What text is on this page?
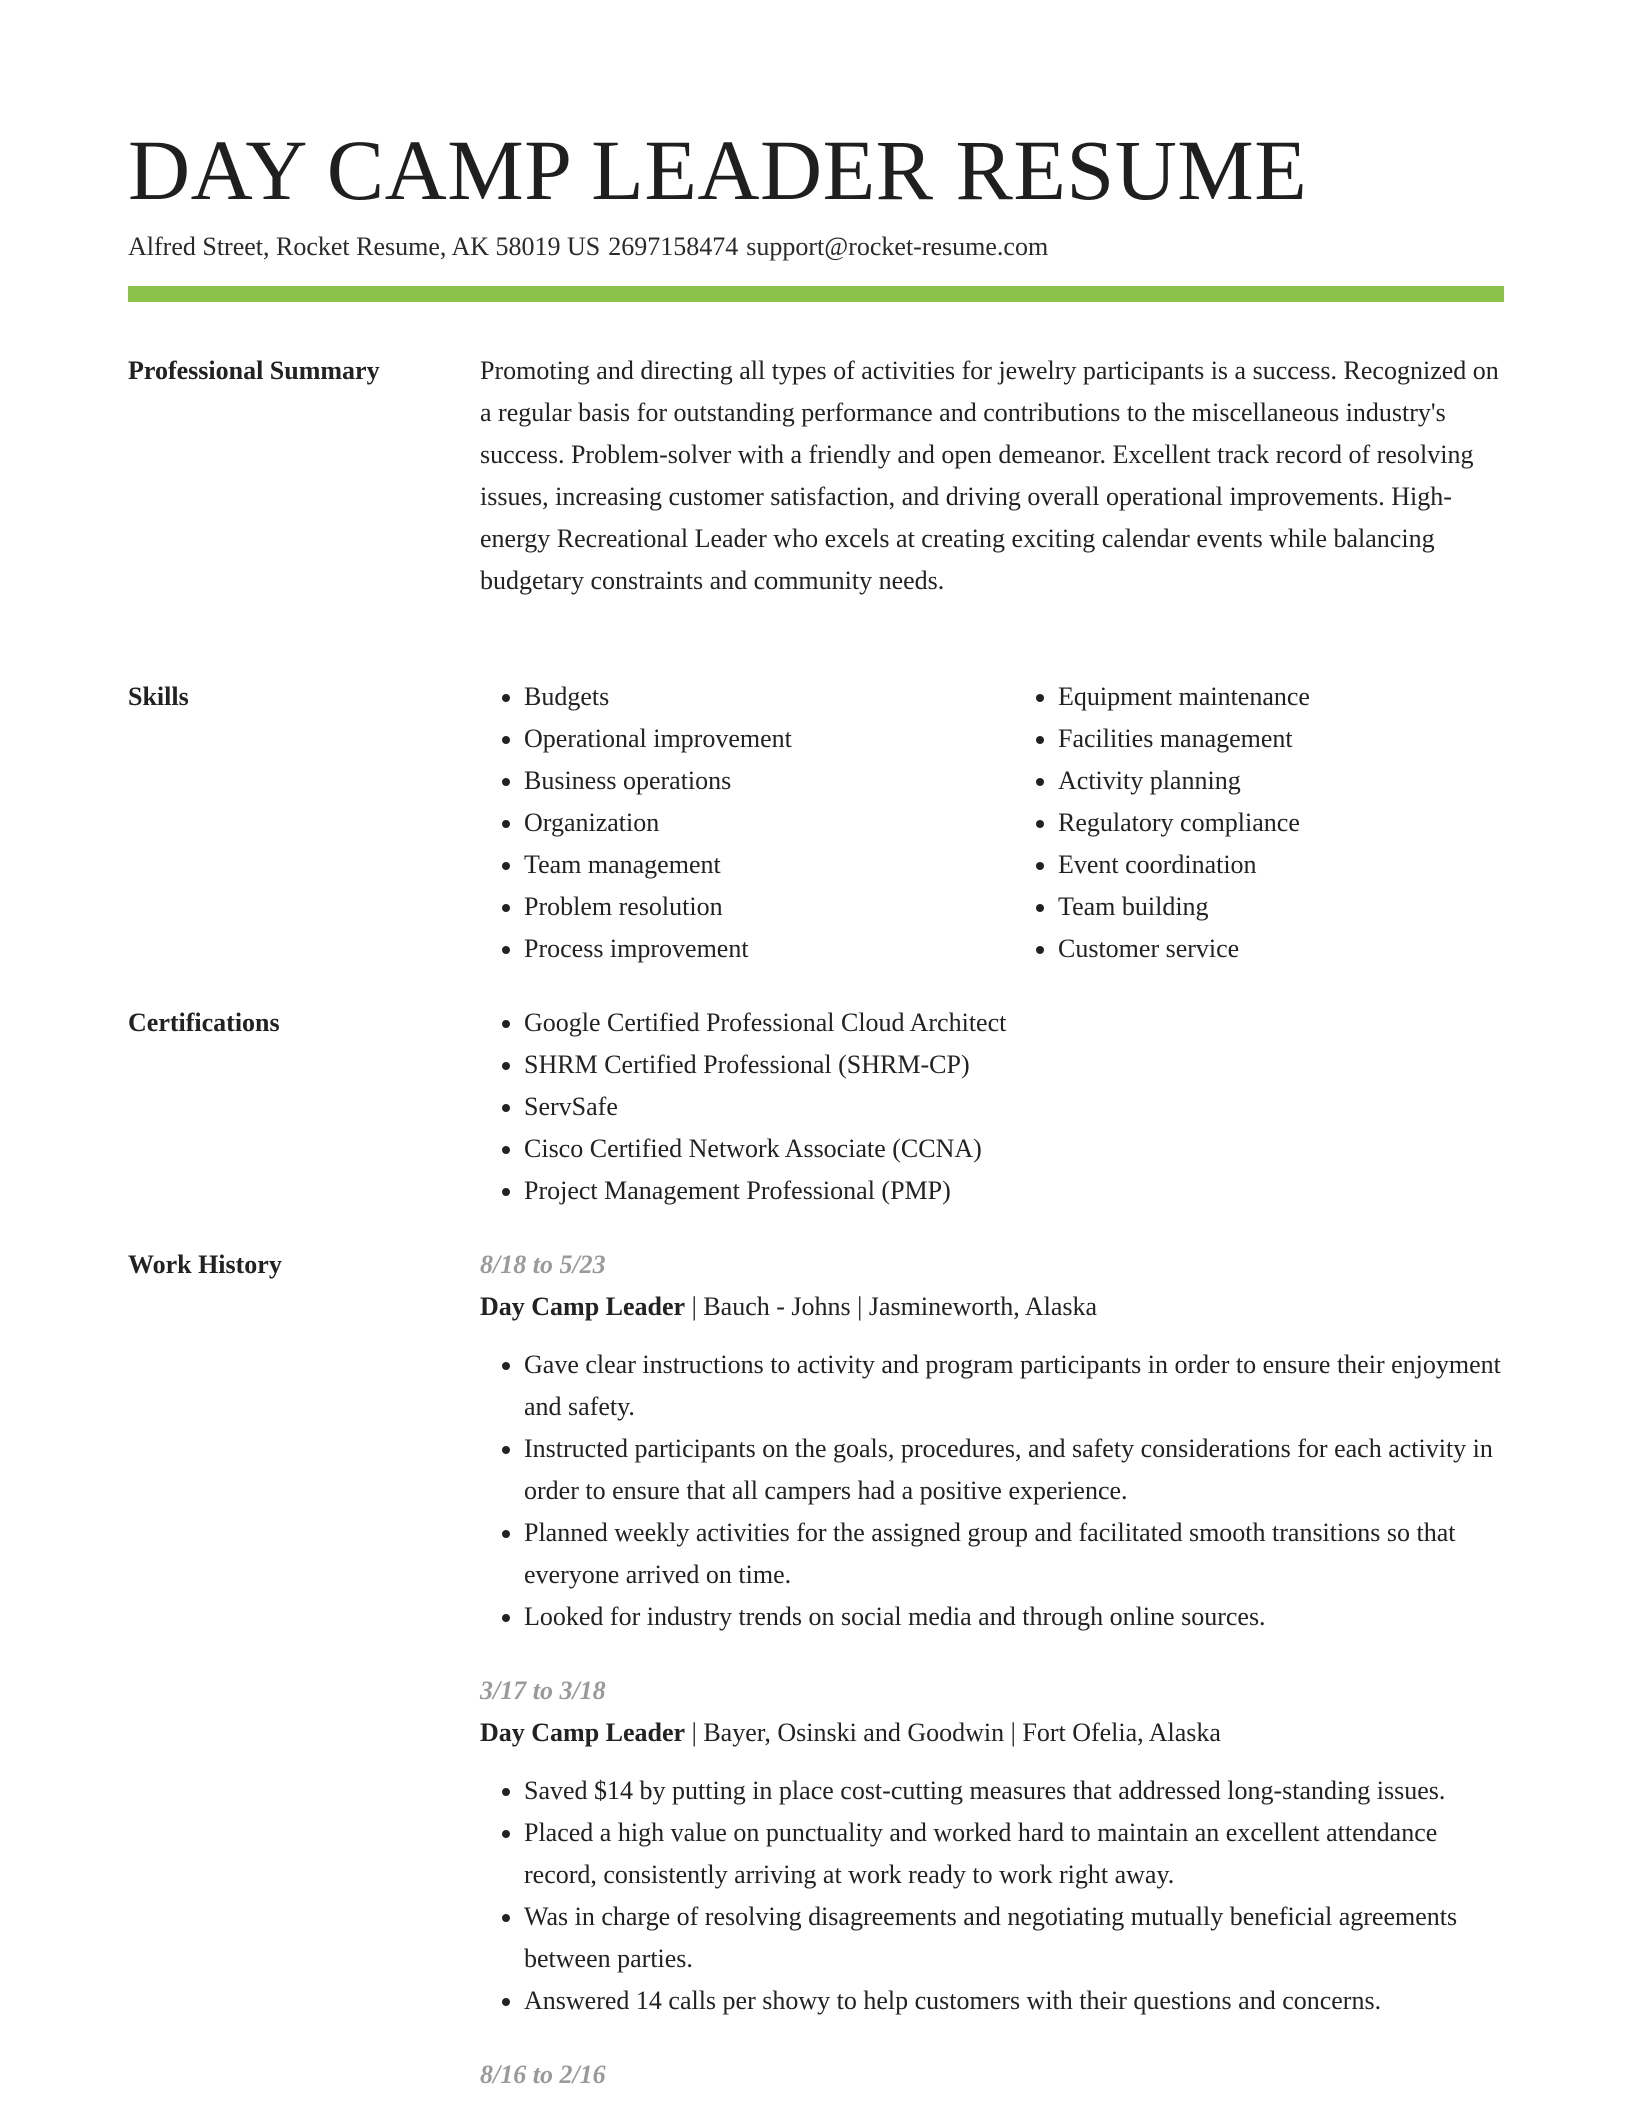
DAY CAMP LEADER RESUME
Alfred Street, Rocket Resume, AK 58019 US 2697158474 support@rocket-resume.com
Professional Summary	Promoting and directing all types of activities for jewelry participants is a success. Recognized on a regular basis for outstanding performance and contributions to the miscellaneous industry's success. Problem-solver with a friendly and open demeanor. Excellent track record of resolving issues, increasing customer satisfaction, and driving overall operational improvements. High-energy Recreational Leader who excels at creating exciting calendar events while balancing budgetary constraints and community needs.

Skills	• Budgets
• Operational improvement
• Business operations
• Organization
• Team management
• Problem resolution
• Process improvement
• Equipment maintenance
• Facilities management
• Activity planning
• Regulatory compliance
• Event coordination
• Team building
• Customer service
Certifications	• Google Certified Professional Cloud Architect
• SHRM Certified Professional (SHRM-CP)
• ServSafe
• Cisco Certified Network Associate (CCNA)
• Project Management Professional (PMP)
Work History	8/18 to 5/23
Day Camp Leader | Bauch - Johns | Jasmineworth, Alaska
• Gave clear instructions to activity and program participants in order to ensure their enjoyment and safety.
• Instructed participants on the goals, procedures, and safety considerations for each activity in order to ensure that all campers had a positive experience.
• Planned weekly activities for the assigned group and facilitated smooth transitions so that everyone arrived on time.
• Looked for industry trends on social media and through online sources.
3/17 to 3/18
Day Camp Leader | Bayer, Osinski and Goodwin | Fort Ofelia, Alaska
• Saved $14 by putting in place cost-cutting measures that addressed long-standing issues.
• Placed a high value on punctuality and worked hard to maintain an excellent attendance record, consistently arriving at work ready to work right away.
• Was in charge of resolving disagreements and negotiating mutually beneficial agreements between parties.
• Answered 14 calls per showy to help customers with their questions and concerns.
8/16 to 2/16
